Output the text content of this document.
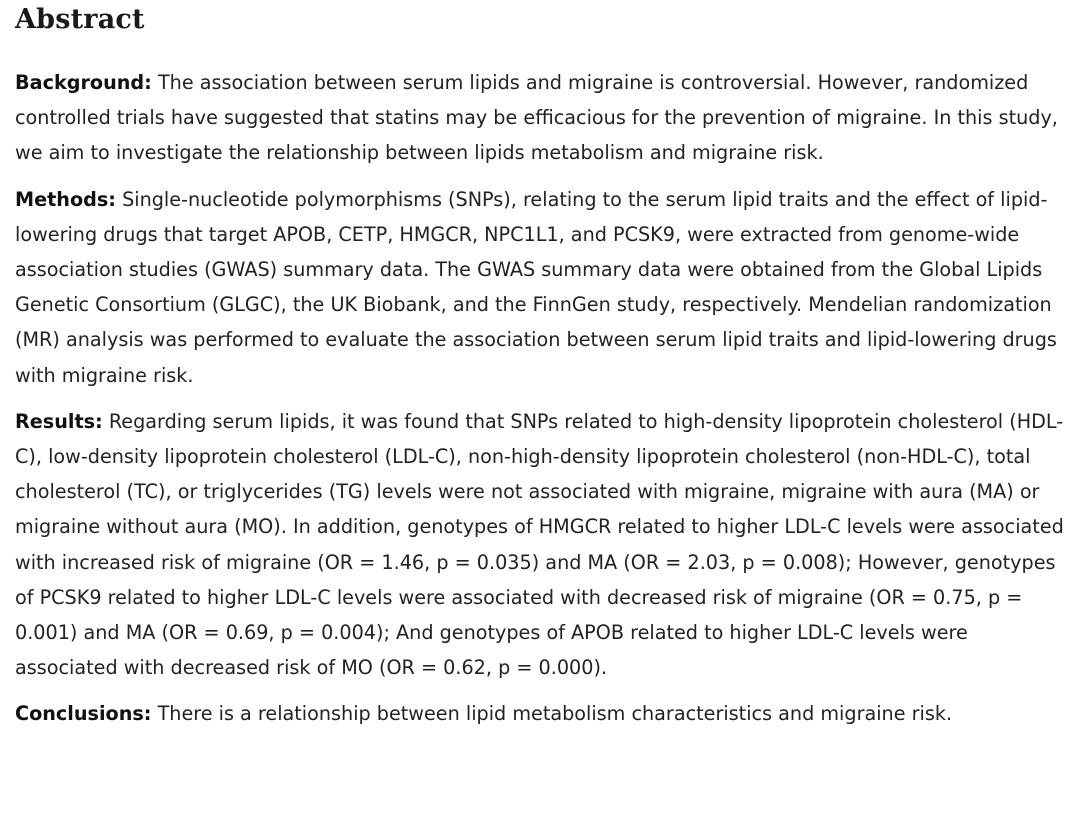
Abstract

Background: The association between serum lipids and migraine is controversial. However, randomized controlled trials have suggested that statins may be efficacious for the prevention of migraine. In this study, we aim to investigate the relationship between lipids metabolism and migraine risk.

Methods: Single-nucleotide polymorphisms (SNPs), relating to the serum lipid traits and the effect of lipid-lowering drugs that target APOB, CETP, HMGCR, NPC1L1, and PCSK9, were extracted from genome-wide association studies (GWAS) summary data. The GWAS summary data were obtained from the Global Lipids Genetic Consortium (GLGC), the UK Biobank, and the FinnGen study, respectively. Mendelian randomization (MR) analysis was performed to evaluate the association between serum lipid traits and lipid-lowering drugs with migraine risk.

Results: Regarding serum lipids, it was found that SNPs related to high-density lipoprotein cholesterol (HDL-C), low-density lipoprotein cholesterol (LDL-C), non-high-density lipoprotein cholesterol (non-HDL-C), total cholesterol (TC), or triglycerides (TG) levels were not associated with migraine, migraine with aura (MA) or migraine without aura (MO). In addition, genotypes of HMGCR related to higher LDL-C levels were associated with increased risk of migraine (OR = 1.46, p = 0.035) and MA (OR = 2.03, p = 0.008); However, genotypes of PCSK9 related to higher LDL-C levels were associated with decreased risk of migraine (OR = 0.75, p = 0.001) and MA (OR = 0.69, p = 0.004); And genotypes of APOB related to higher LDL-C levels were associated with decreased risk of MO (OR = 0.62, p = 0.000).

Conclusions: There is a relationship between lipid metabolism characteristics and migraine risk.
